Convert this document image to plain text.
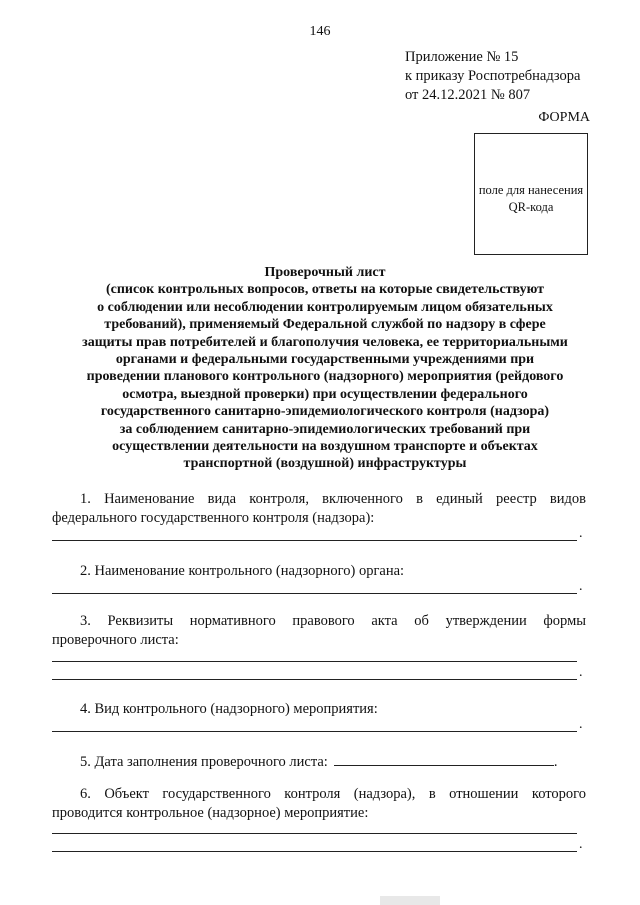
146
Приложение № 15
к приказу Роспотребнадзора
от 24.12.2021 № 807
ФОРМА
поле для нанесения
QR-кода
Проверочный лист
(список контрольных вопросов, ответы на которые свидетельствуют
о соблюдении или несоблюдении контролируемым лицом обязательных
требований), применяемый Федеральной службой по надзору в сфере
защиты прав потребителей и благополучия человека, ее территориальными
органами и федеральными государственными учреждениями при
проведении планового контрольного (надзорного) мероприятия (рейдового
осмотра, выездной проверки) при осуществлении федерального
государственного санитарно-эпидемиологического контроля (надзора)
за соблюдением санитарно-эпидемиологических требований при
осуществлении деятельности на воздушном транспорте и объектах
транспортной (воздушной) инфраструктуры
1. Наименование вида контроля, включенного в единый реестр видов
федерального государственного контроля (надзора):
.
2. Наименование контрольного (надзорного) органа:
.
3. Реквизиты нормативного правового акта об утверждении формы
проверочного листа:
.
4. Вид контрольного (надзорного) мероприятия:
.
5. Дата заполнения проверочного листа:	.
6. Объект государственного контроля (надзора), в отношении которого
проводится контрольное (надзорное) мероприятие:
.
